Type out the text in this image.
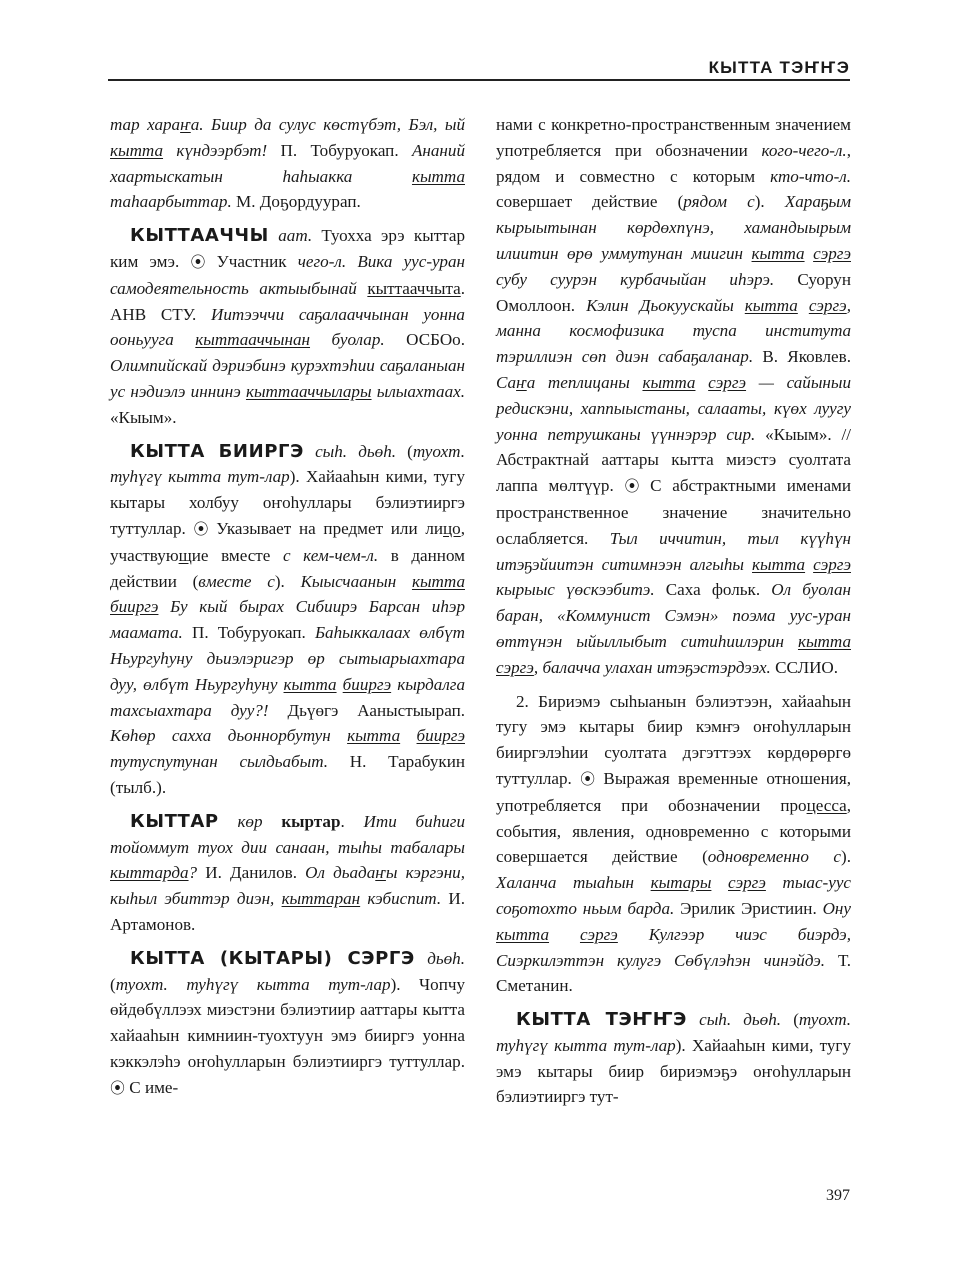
КЫТТА ТЭҤҤЭ

тар хараҥа. Биир да сулус көстүбэт, Бэл, ый кытта күндээрбэт! П. Тобуруокап. Ананий хаартыскатын һаһыакка кытта таһаарбыттар. М. Доҕордуурап.

КЫТТААЧЧЫ аат. Туохха эрэ кыттар ким эмэ. ⦿ Участник чего-л. Вика уус-уран самодеятельность актыыбынай кыттааччыта. АНВ СТУ. Иитээччи саҕалааччынан уонна ооньууга кыттааччынан буолар. ОСБОо. Олимпийскай дэриэбинэ курэхтэһии саҕаланыан ус нэдиэлэ иннинэ кыттааччылары ылыахтаах. «Кыым».

КЫТТА БИИРГЭ сыһ. дьөһ. (туохт. туһүгү кытта тут-лар). Хайааһын кими, тугу кытары холбуу оҥоһуллары бэлиэтииргэ туттуллар. ⦿ Указывает на предмет или лицо, участвующие вместе с кем-чем-л. в данном действии (вместе с). Кыысчаанын кытта бииргэ Бу кый бырах Сибиирэ Барсан иһэр маамата. П. Тобуруокап. Баһыккалаах өлбүт Ньургуһуну дьиэлэригэр өр сытыарыахтара дуу, өлбүт Ньургуһуну кытта бииргэ кырдалга тахсыахтара дуу?! Дьүөгэ Ааныстыырап. Көһөр саххa дьоннорбутун кытта бииргэ тутуспутунан сылдьабыт. Н. Тарабукин (тылб.).

КЫТТАР көр кыртар. Ити биһиги тойоммут туох дии санаан, тыһы табалары кыттарда? И. Данилов. Ол дьадаҥы кэргэни, кыһыл эбиттэр диэн, кыттаран кэбиспит. И. Артамонов.

КЫТТА (КЫТАРЫ) СЭРГЭ дьөһ. (туохт. туһүгү кытта тут-лар). Чопчу өйдөбүллээх миэстэни бэлиэтиир ааттары кытта хайааһын кимниин-туохтуун эмэ бииргэ уонна кэккэлэһэ оҥоһулларын бэлиэтииргэ туттуллар. ⦿ С име-

нами с конкретно-пространственным значением употребляется при обозначении кого-чего-л., рядом и совместно с которым кто-что-л. совершает действие (рядом с). Хараҕым кырыытынан көрдөхпүнэ, хамандыырым илиитин өрө уммутунан миигин кытта сэргэ субу суурэн курбачыйан иһэрэ. Суорун Омоллоон. Кэлин Дьокуускайы кытта сэргэ, манна космофизика туспа институтa тэриллиэн сөп диэн сабаҕаланар. В. Яковлев. Саҥа теплицаны кытта сэргэ — сайыныи редискэни, хаппыыстаны, салааты, күөх луугу уонна петрушканы үүннэрэр сир. «Кыым». // Абстрактнай ааттары кытта миэстэ суолтата лаппа мөлтүүр. ⦿ С абстрактными именами пространственное значение значительно ослабляется. Тыл иччитин, тыл күүһүн итэҕэйиитэн ситимнээн алгыһы кытта сэргэ кырыыс үөскээбитэ. Саха фольк. Ол буолан баран, «Коммунист Сэмэн» поэма уус-уран өттүнэн ыйыллыбыт ситиһиилэрин кытта сэргэ, балачча улахан итэҕэстэрдээх. ССЛИО.

2. Бириэмэ сыһыанын бэлиэтээн, хайааһын тугу эмэ кытары биир кэмҥэ оҥоһулларын бииргэлэһии суолтата дэгэттээх көрдөрөргө туттуллар. ⦿ Выражая временные отношения, употребляется при обозначении процесса, события, явления, одновременно с которыми совершается действие (одновременно с). Халанча тыаһын кытары сэргэ тыас-уус соҕотохто ньым барда. Эрилик Эристиин. Ону кытта сэргэ Кулгээр чиэс биэрдэ, Сиэркилэттэн кулугэ Сөбүлэһэн чинэйдэ. Т. Сметанин.

КЫТТА ТЭҤҤЭ сыһ. дьөһ. (туохт. туһүгү кытта тут-лар). Хайааһын кими, тугу эмэ кытары биир бириэмэҕэ оҥоһулларын бэлиэтииргэ тут-

397
